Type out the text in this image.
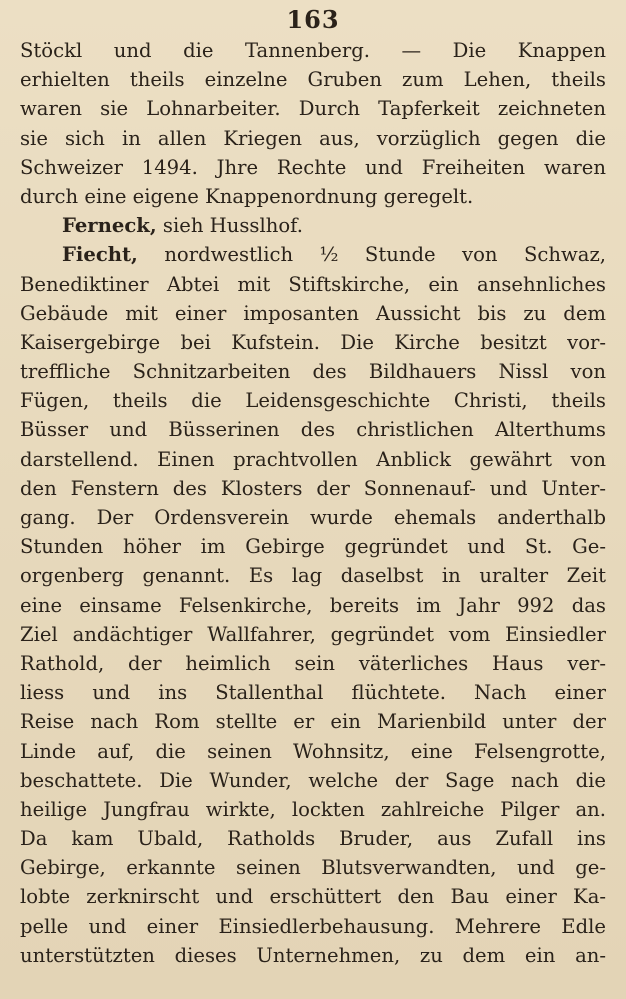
163
Stöckl und die Tannenberg. — Die Knappen
erhielten theils einzelne Gruben zum Lehen, theils
waren sie Lohnarbeiter. Durch Tapferkeit zeichneten
sie sich in allen Kriegen aus, vorzüglich gegen die
Schweizer 1494. Jhre Rechte und Freiheiten waren
durch eine eigene Knappenordnung geregelt.
Ferneck, sieh Husslhof.
Fiecht, nordwestlich ½ Stunde von Schwaz,
Benediktiner Abtei mit Stiftskirche, ein ansehnliches
Gebäude mit einer imposanten Aussicht bis zu dem
Kaisergebirge bei Kufstein. Die Kirche besitzt vor-
treffliche Schnitzarbeiten des Bildhauers Nissl von
Fügen, theils die Leidensgeschichte Christi, theils
Büsser und Büsserinen des christlichen Alterthums
darstellend. Einen prachtvollen Anblick gewährt von
den Fenstern des Klosters der Sonnenauf- und Unter-
gang. Der Ordensverein wurde ehemals anderthalb
Stunden höher im Gebirge gegründet und St. Ge-
orgenberg genannt. Es lag daselbst in uralter Zeit
eine einsame Felsenkirche, bereits im Jahr 992 das
Ziel andächtiger Wallfahrer, gegründet vom Einsiedler
Rathold, der heimlich sein väterliches Haus ver-
liess und ins Stallenthal flüchtete. Nach einer
Reise nach Rom stellte er ein Marienbild unter der
Linde auf, die seinen Wohnsitz, eine Felsengrotte,
beschattete. Die Wunder, welche der Sage nach die
heilige Jungfrau wirkte, lockten zahlreiche Pilger an.
Da kam Ubald, Ratholds Bruder, aus Zufall ins
Gebirge, erkannte seinen Blutsverwandten, und ge-
lobte zerknirscht und erschüttert den Bau einer Ka-
pelle und einer Einsiedlerbehausung. Mehrere Edle
unterstützten dieses Unternehmen, zu dem ein an-
